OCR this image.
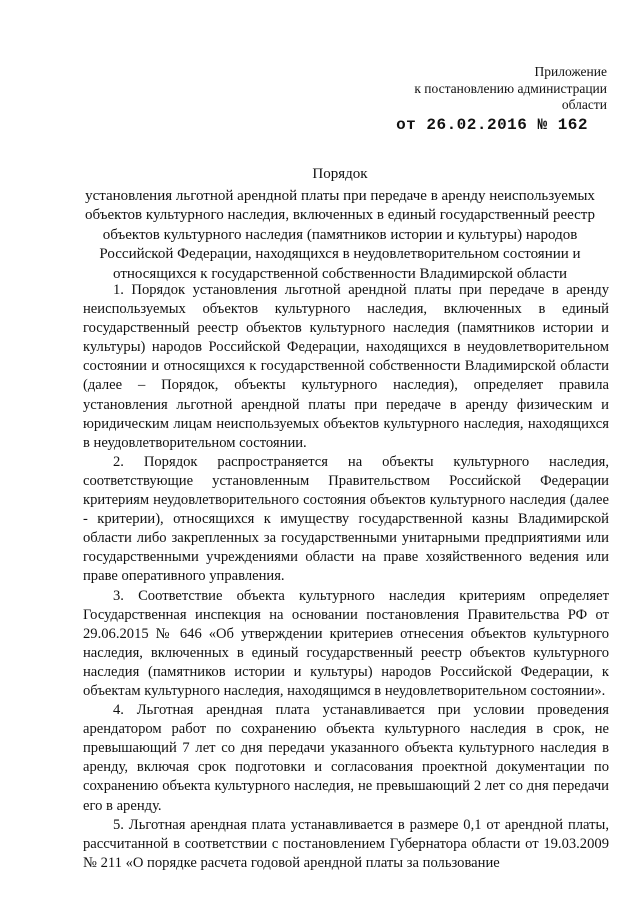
Приложение
к постановлению администрации
области
от 26.02.2016 № 162
Порядок
установления льготной арендной платы при передаче в аренду неиспользуемых
объектов культурного наследия, включенных в единый государственный реестр
объектов культурного наследия (памятников истории и культуры) народов
Российской Федерации, находящихся в неудовлетворительном состоянии и
относящихся к государственной собственности Владимирской области

1. Порядок установления льготной арендной платы при передаче в аренду неиспользуемых объектов культурного наследия, включенных в единый государственный реестр объектов культурного наследия (памятников истории и культуры) народов Российской Федерации, находящихся в неудовлетворительном состоянии и относящихся к государственной собственности Владимирской области (далее – Порядок, объекты культурного наследия), определяет правила установления льготной арендной платы при передаче в аренду физическим и юридическим лицам неиспользуемых объектов культурного наследия, находящихся в неудовлетворительном состоянии.

2. Порядок распространяется на объекты культурного наследия, соответствующие установленным Правительством Российской Федерации критериям неудовлетворительного состояния объектов культурного наследия (далее - критерии), относящихся к имуществу государственной казны Владимирской области либо закрепленных за государственными унитарными предприятиями или государственными учреждениями области на праве хозяйственного ведения или праве оперативного управления.

3. Соответствие объекта культурного наследия критериям определяет Государственная инспекция на основании постановления Правительства РФ от 29.06.2015 № 646 «Об утверждении критериев отнесения объектов культурного наследия, включенных в единый государственный реестр объектов культурного наследия (памятников истории и культуры) народов Российской Федерации, к объектам культурного наследия, находящимся в неудовлетворительном состоянии».

4. Льготная арендная плата устанавливается при условии проведения арендатором работ по сохранению объекта культурного наследия в срок, не превышающий 7 лет со дня передачи указанного объекта культурного наследия в аренду, включая срок подготовки и согласования проектной документации по сохранению объекта культурного наследия, не превышающий 2 лет со дня передачи его в аренду.

5. Льготная арендная плата устанавливается в размере 0,1 от арендной платы, рассчитанной в соответствии с постановлением Губернатора области от 19.03.2009 № 211 «О порядке расчета годовой арендной платы за пользование
